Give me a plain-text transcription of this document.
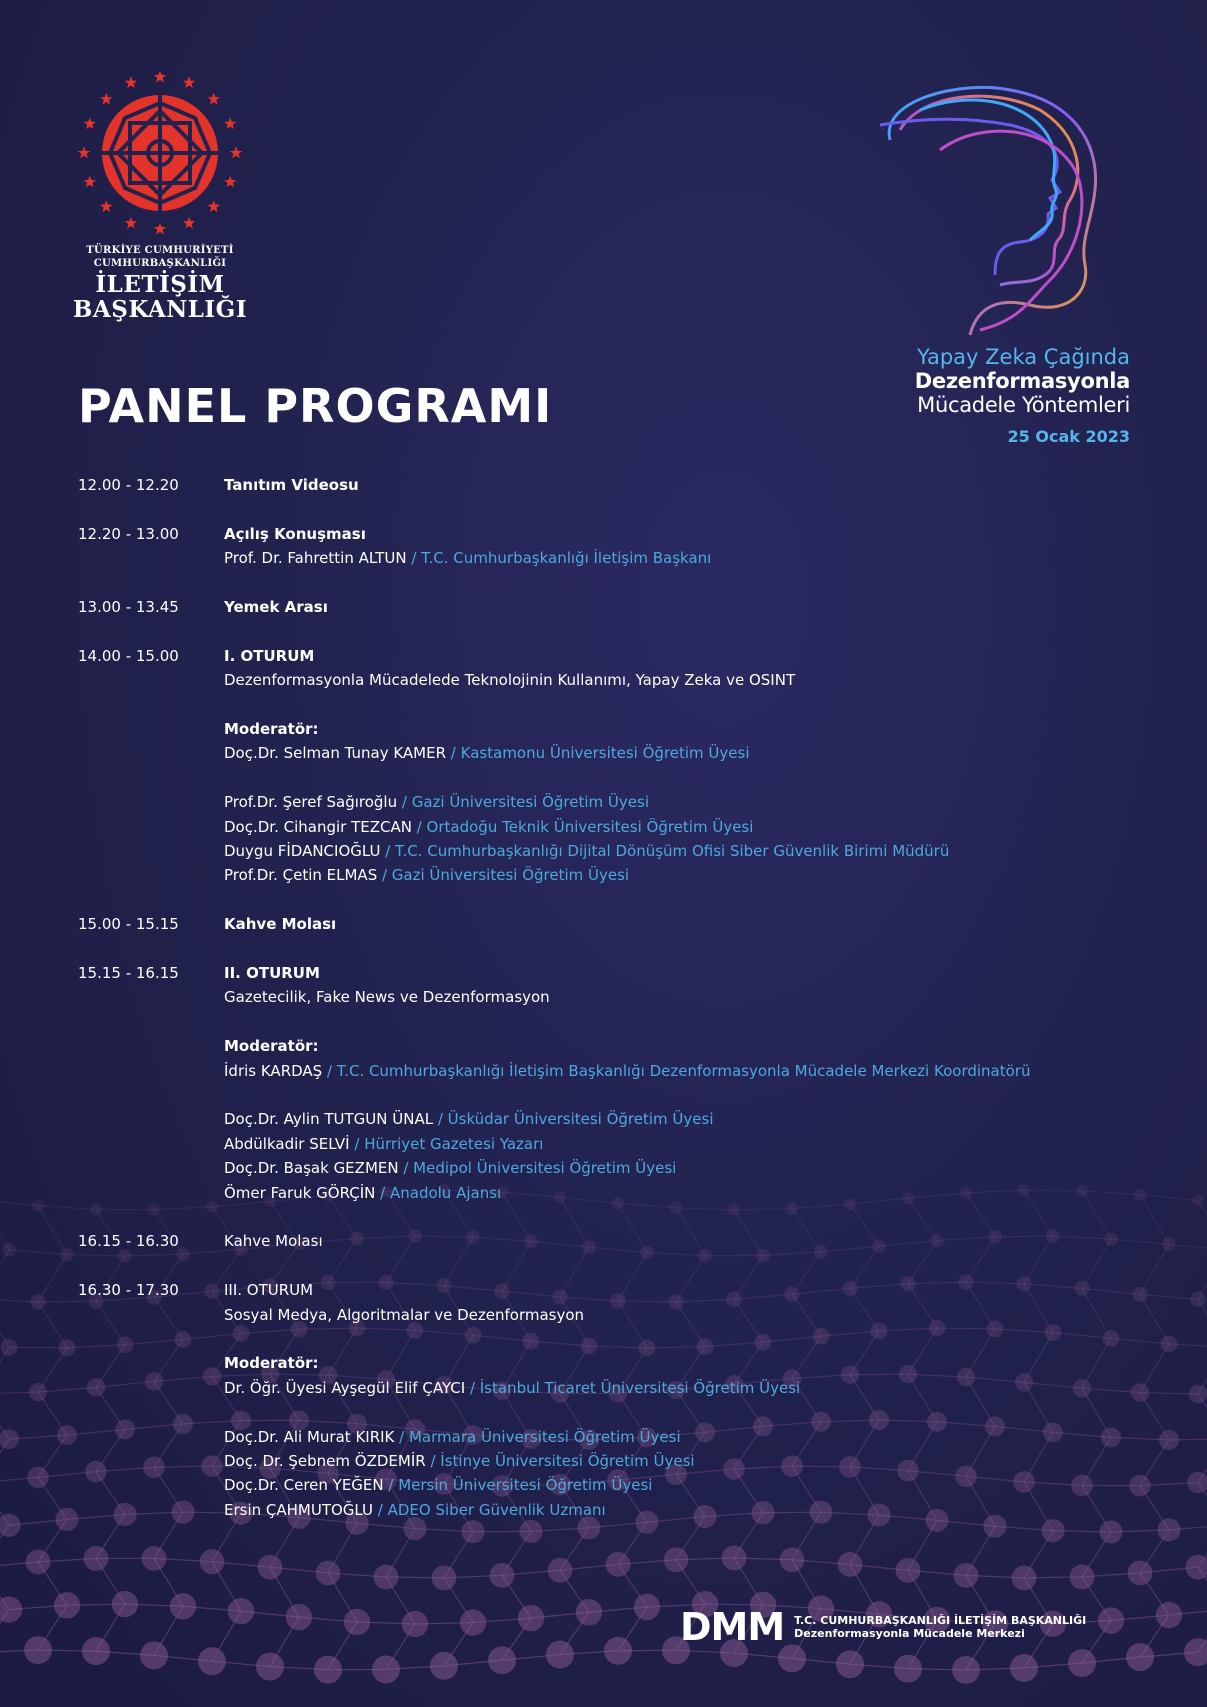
TÜRKİYE CUMHURİYETİ
CUMHURBAŞKANLIĞI
İLETİŞİM
BAŞKANLIĞI
Yapay Zeka Çağında
Dezenformasyonla
Mücadele Yöntemleri
25 Ocak 2023
PANEL PROGRAMI
12.00 - 12.20	Tanıtım Videosu
12.20 - 13.00	Açılış Konuşması
Prof. Dr. Fahrettin ALTUN / T.C. Cumhurbaşkanlığı İletişim Başkanı
13.00 - 13.45	Yemek Arası
14.00 - 15.00	I. OTURUM
Dezenformasyonla Mücadelede Teknolojinin Kullanımı, Yapay Zeka ve OSINT
Moderatör:
Doç.Dr. Selman Tunay KAMER / Kastamonu Üniversitesi Öğretim Üyesi
Prof.Dr. Şeref Sağıroğlu / Gazi Üniversitesi Öğretim Üyesi
Doç.Dr. Cihangir TEZCAN / Ortadoğu Teknik Üniversitesi Öğretim Üyesi
Duygu FİDANCIOĞLU / T.C. Cumhurbaşkanlığı Dijital Dönüşüm Ofisi Siber Güvenlik Birimi Müdürü
Prof.Dr. Çetin ELMAS / Gazi Üniversitesi Öğretim Üyesi
15.00 - 15.15	Kahve Molası
15.15 - 16.15	II. OTURUM
Gazetecilik, Fake News ve Dezenformasyon
Moderatör:
İdris KARDAŞ / T.C. Cumhurbaşkanlığı İletişim Başkanlığı Dezenformasyonla Mücadele Merkezi Koordinatörü
Doç.Dr. Aylin TUTGUN ÜNAL / Üsküdar Üniversitesi Öğretim Üyesi
Abdülkadir SELVİ / Hürriyet Gazetesi Yazarı
Doç.Dr. Başak GEZMEN / Medipol Üniversitesi Öğretim Üyesi
Ömer Faruk GÖRÇİN / Anadolu Ajansı
16.15 - 16.30	Kahve Molası
16.30 - 17.30	III. OTURUM
Sosyal Medya, Algoritmalar ve Dezenformasyon
Moderatör:
Dr. Öğr. Üyesi Ayşegül Elif ÇAYCI / İstanbul Ticaret Üniversitesi Öğretim Üyesi
Doç.Dr. Ali Murat KIRIK / Marmara Üniversitesi Öğretim Üyesi
Doç. Dr. Şebnem ÖZDEMİR / İstinye Üniversitesi Öğretim Üyesi
Doç.Dr. Ceren YEĞEN / Mersin Üniversitesi Öğretim Üyesi
Ersin ÇAHMUTOĞLU / ADEO Siber Güvenlik Uzmanı
DMM T.C. CUMHURBAŞKANLIĞI İLETİŞİM BAŞKANLIĞI
Dezenformasyonla Mücadele Merkezi
